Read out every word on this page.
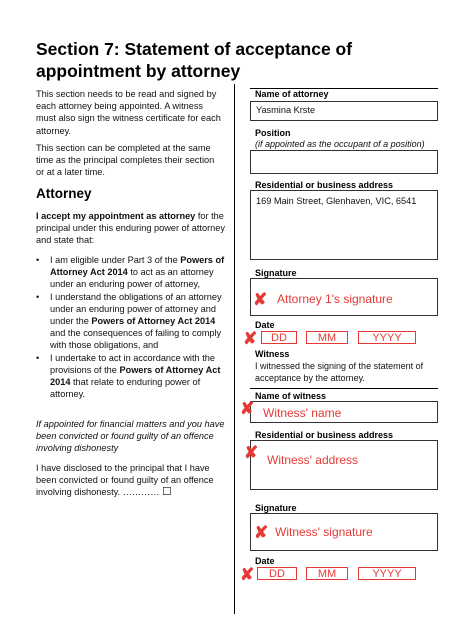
Section 7: Statement of acceptance of appointment by attorney
This section needs to be read and signed by each attorney being appointed. A witness must also sign the witness certificate for each attorney.
This section can be completed at the same time as the principal completes their section or at a later time.
Attorney
I accept my appointment as attorney for the principal under this enduring power of attorney and state that:
• I am eligible under Part 3 of the Powers of Attorney Act 2014 to act as an attorney under an enduring power of attorney,
• I understand the obligations of an attorney under an enduring power of attorney and under the Powers of Attorney Act 2014 and the consequences of failing to comply with those obligations, and
• I undertake to act in accordance with the provisions of the Powers of Attorney Act 2014 that relate to enduring power of attorney.
If appointed for financial matters and you have been convicted or found guilty of an offence involving dishonesty
I have disclosed to the principal that I have been convicted or found guilty of an offence involving dishonesty. ………… ☐
Name of attorney
Yasmina Krste
Position
(if appointed as the occupant of a position)
Residential or business address
169 Main Street, Glenhaven, VIC, 6541
Signature
✘ Attorney 1's signature
Date
✘	DD	MM	YYYY
Witness
I witnessed the signing of the statement of acceptance by the attorney.
Name of witness
Witness' name
✘
Residential or business address
Witness' address
✘
Signature
✘ Witness' signature
Date
✘	DD	MM	YYYY
